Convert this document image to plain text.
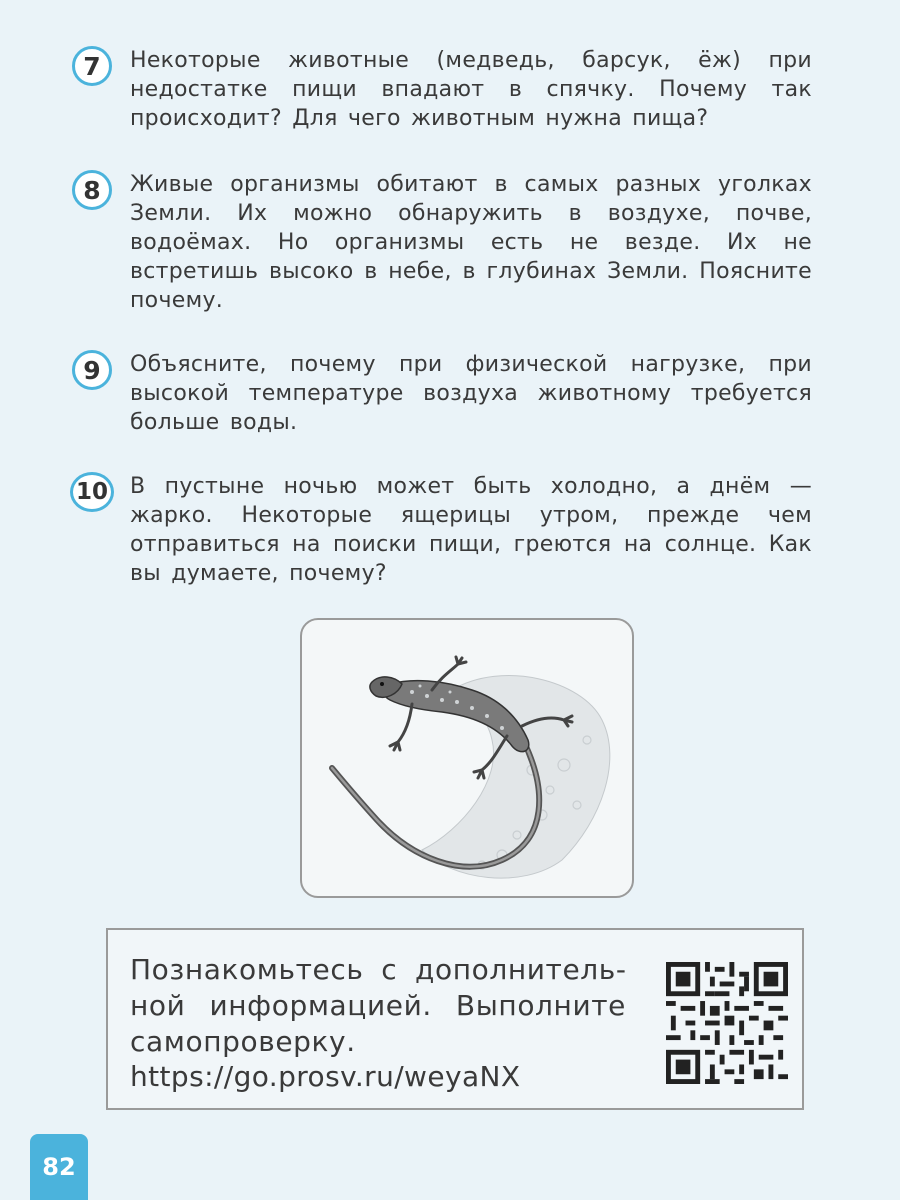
7	Некоторые животные (медведь, барсук, ёж) при недостатке пищи впадают в спячку. Почему так происходит? Для чего животным нужна пища?
8	Живые организмы обитают в самых разных уголках Земли. Их можно обнаружить в воздухе, почве, водоёмах. Но организмы есть не везде. Их не встретишь высоко в небе, в глубинах Земли. Поясните почему.
9	Объясните, почему при физической нагрузке, при высокой температуре воздуха животному требуется больше воды.
10 В пустыне ночью может быть холодно, а днём — жарко. Некоторые ящерицы утром, прежде чем отправиться на поиски пищи, греются на солнце. Как вы думаете, почему?
Познакомьтесь с дополнительной информацией. Выполните самопроверку.
https://go.prosv.ru/weyaNX
82
